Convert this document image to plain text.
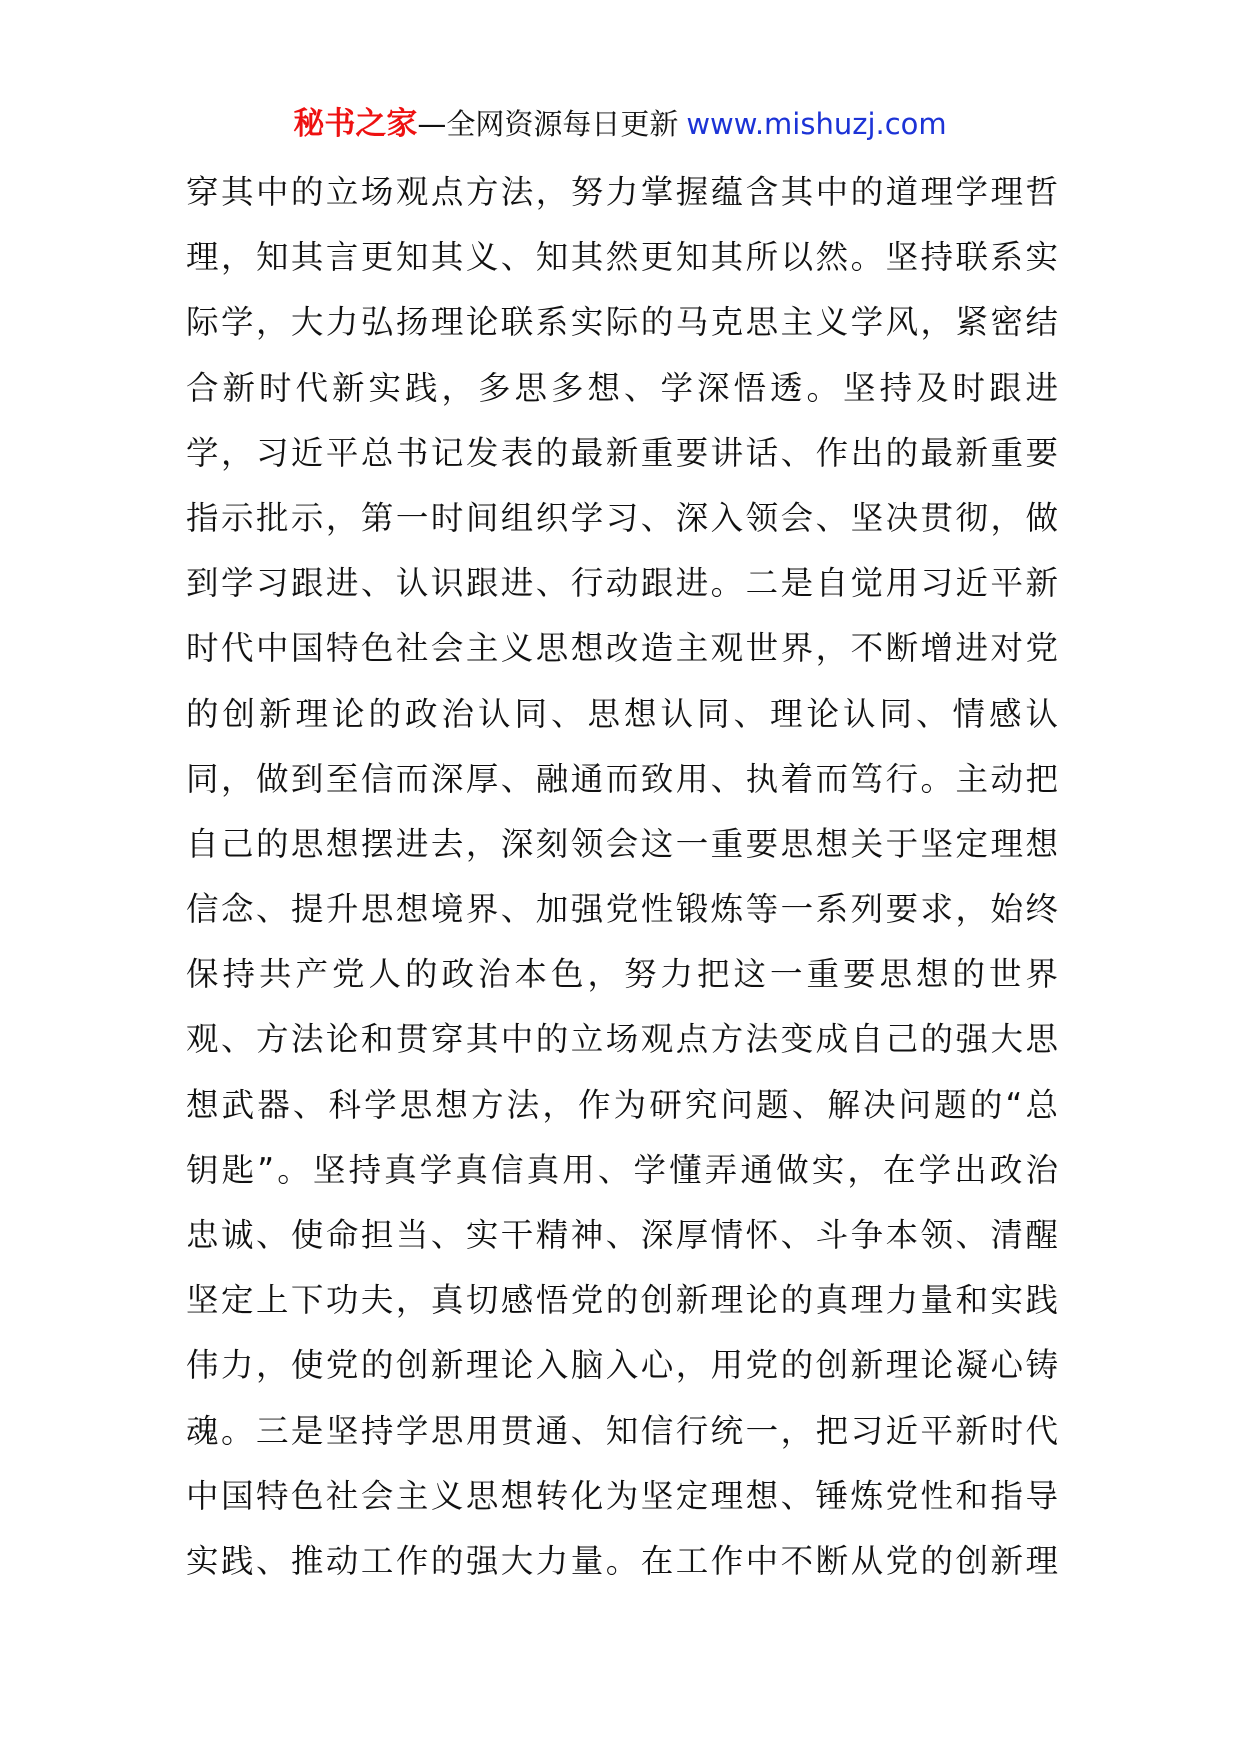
秘书之家—全网资源每日更新 www.mishuzj.com
穿其中的立场观点方法，努力掌握蕴含其中的道理学理哲
理，知其言更知其义、知其然更知其所以然。坚持联系实
际学，大力弘扬理论联系实际的马克思主义学风，紧密结
合新时代新实践，多思多想、学深悟透。坚持及时跟进
学，习近平总书记发表的最新重要讲话、作出的最新重要
指示批示，第一时间组织学习、深入领会、坚决贯彻，做
到学习跟进、认识跟进、行动跟进。二是自觉用习近平新
时代中国特色社会主义思想改造主观世界，不断增进对党
的创新理论的政治认同、思想认同、理论认同、情感认
同，做到至信而深厚、融通而致用、执着而笃行。主动把
自己的思想摆进去，深刻领会这一重要思想关于坚定理想
信念、提升思想境界、加强党性锻炼等一系列要求，始终
保持共产党人的政治本色，努力把这一重要思想的世界
观、方法论和贯穿其中的立场观点方法变成自己的强大思
想武器、科学思想方法，作为研究问题、解决问题的“总
钥匙”。坚持真学真信真用、学懂弄通做实，在学出政治
忠诚、使命担当、实干精神、深厚情怀、斗争本领、清醒
坚定上下功夫，真切感悟党的创新理论的真理力量和实践
伟力，使党的创新理论入脑入心，用党的创新理论凝心铸
魂。三是坚持学思用贯通、知信行统一，把习近平新时代
中国特色社会主义思想转化为坚定理想、锤炼党性和指导
实践、推动工作的强大力量。在工作中不断从党的创新理
